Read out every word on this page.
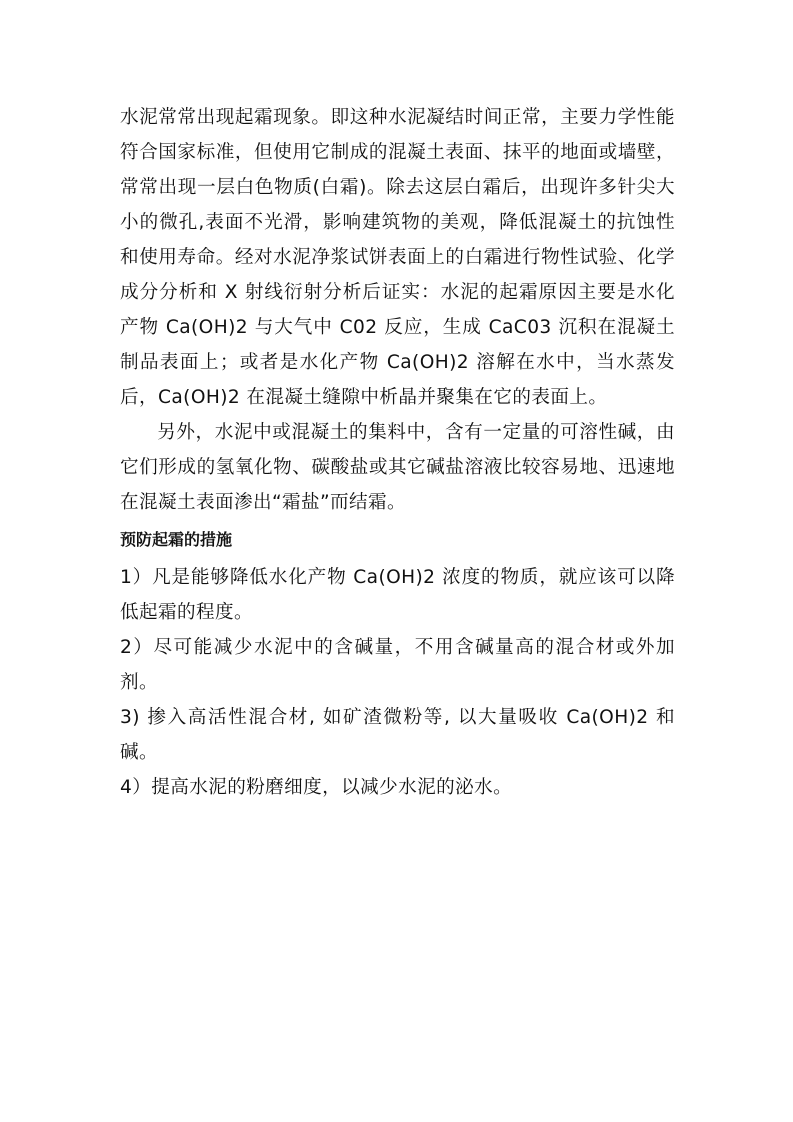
水泥常常出现起霜现象。即这种水泥凝结时间正常，主要力学性能符合国家标准，但使用它制成的混凝土表面、抹平的地面或墙壁，常常出现一层白色物质(白霜)。除去这层白霜后，出现许多针尖大小的微孔,表面不光滑，影响建筑物的美观，降低混凝土的抗蚀性和使用寿命。经对水泥净浆试饼表面上的白霜进行物性试验、化学成分分析和 X 射线衍射分析后证实：水泥的起霜原因主要是水化产物 Ca(OH)2 与大气中 C02 反应，生成 CaC03 沉积在混凝土制品表面上；或者是水化产物 Ca(OH)2 溶解在水中，当水蒸发后，Ca(OH)2 在混凝土缝隙中析晶并聚集在它的表面上。

另外，水泥中或混凝土的集料中，含有一定量的可溶性碱，由它们形成的氢氧化物、碳酸盐或其它碱盐溶液比较容易地、迅速地在混凝土表面渗出“霜盐”而结霜。

预防起霜的措施

1）凡是能够降低水化产物 Ca(OH)2 浓度的物质，就应该可以降低起霜的程度。

2）尽可能减少水泥中的含碱量，不用含碱量高的混合材或外加剂。

3) 掺入高活性混合材, 如矿渣微粉等, 以大量吸收 Ca(OH)2 和碱。

4）提高水泥的粉磨细度，以减少水泥的泌水。
